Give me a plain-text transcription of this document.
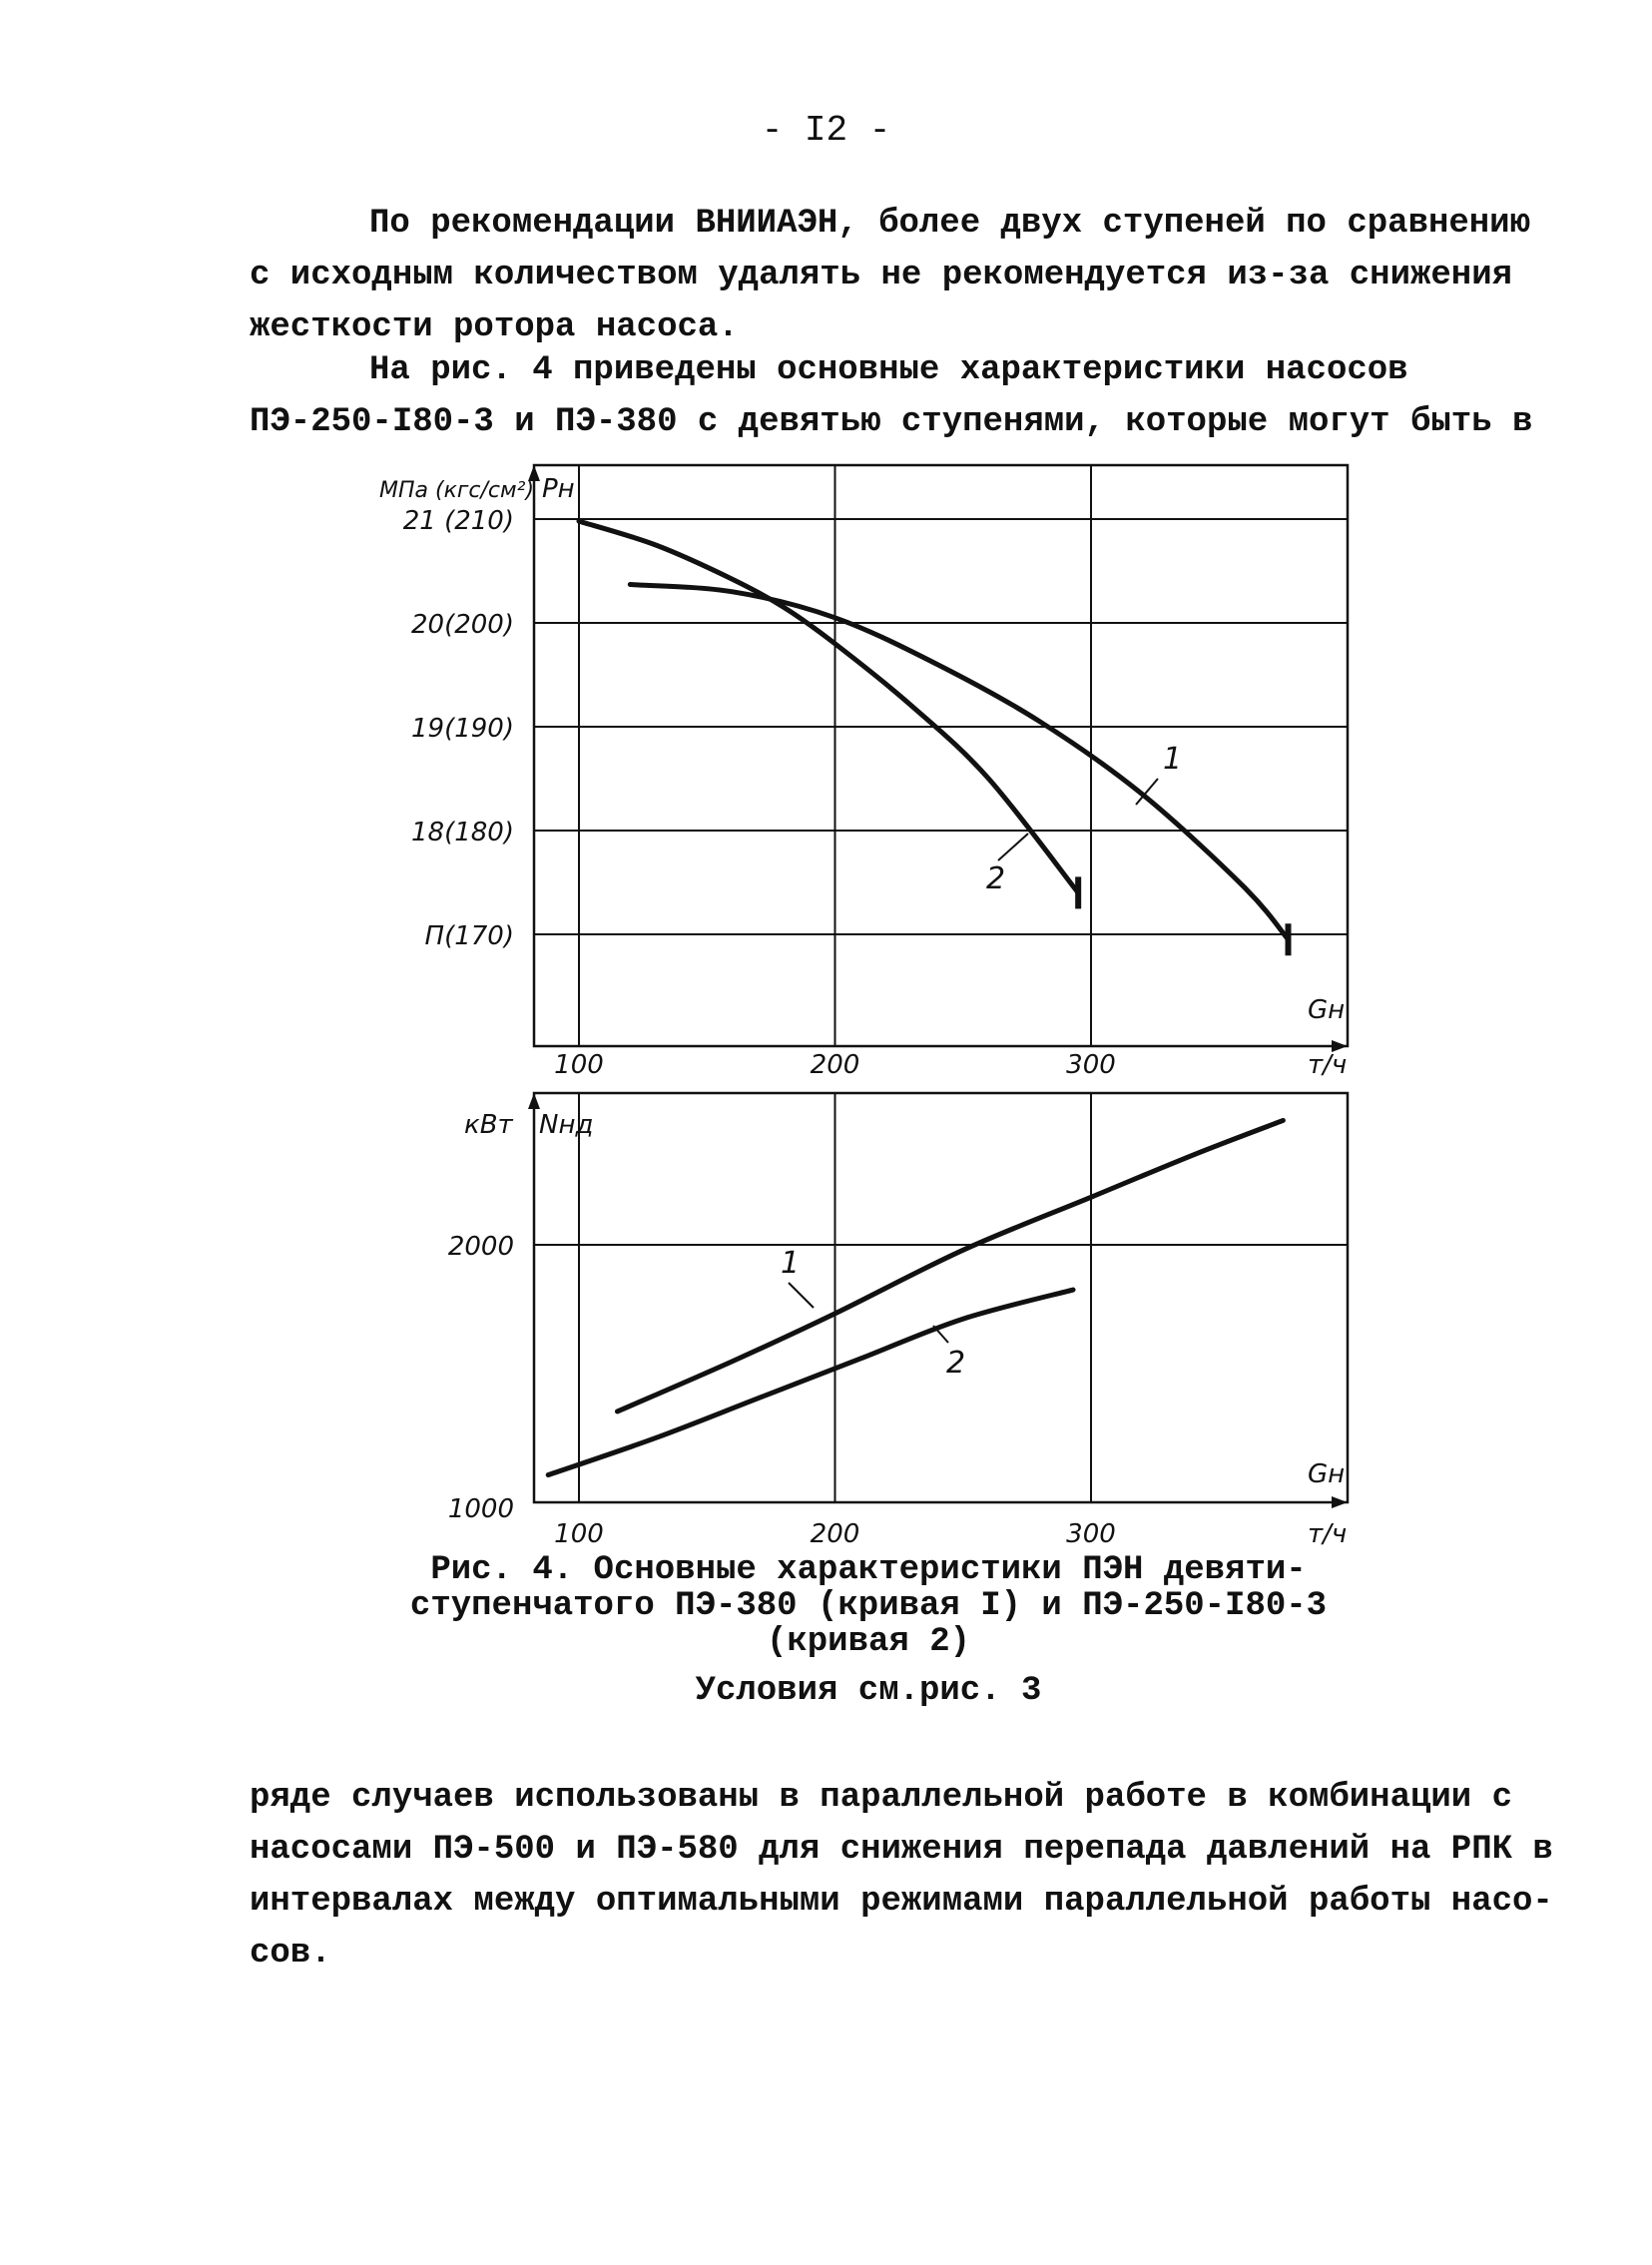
- I2 -
По рекомендации ВНИИАЭН, более двух ступеней по сравнению
с исходным количеством удалять не рекомендуется из-за снижения
жесткости ротора насоса.
На рис. 4 приведены основные характеристики насосов
ПЭ-250-I80-3 и ПЭ-380 с девятью ступенями, которые могут быть в
100	200	300
21 (210)
20(200)
19(190)
18(180)
П(170)
МПа (кгс/см²) Pн
Gн
т/ч
1
2
100	200	300
2000
1000
кВт Nнд
Gн
т/ч
1
2
Рис. 4. Основные характеристики ПЭН девяти-
ступенчатого ПЭ-380 (кривая I) и ПЭ-250-I80-3
(кривая 2)
Условия см.рис. 3
ряде случаев использованы в параллельной работе в комбинации с
насосами ПЭ-500 и ПЭ-580 для снижения перепада давлений на РПК в
интервалах между оптимальными режимами параллельной работы насо-
сов.
